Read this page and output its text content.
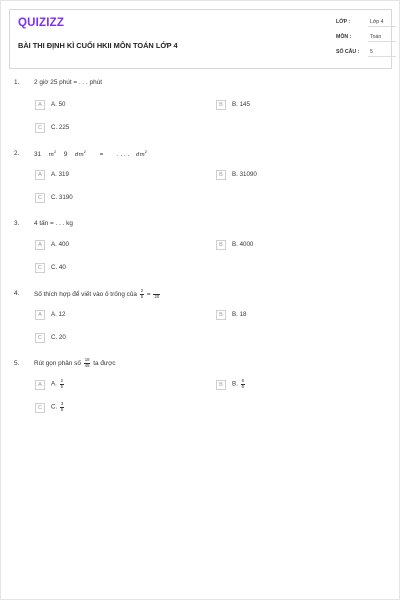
QUIZIZZ
BÀI THI ĐỊNH KÌ CUỐI HKII MÔN TOÁN LỚP 4
LỚP :	Lớp 4
MÔN :	Toán
SỐ CÂU :	5
1. 2 giờ 25 phút = . . . phút
A	A. 50	B	B. 145
C	C. 225
2. 31 $m^2$ 9 $dm^2$ = . . . . $dm^2$
A	A. 319	B	B. 31090
C	C. 3190
3. 4 tấn = . . . kg
A	A. 400	B	B. 4000
C	C. 40
4. Số thích hợp để viết vào ô trống của $\frac{2}{5}$ =
20
A	A. 12	B	B. 18
C	C. 20
5. Rút gọn phân số $\frac{18}{45}$ ta được
A	A. $\frac{2}{5}$	B	B. $\frac{5}{5}$
C	C. $\frac{3}{5}$
